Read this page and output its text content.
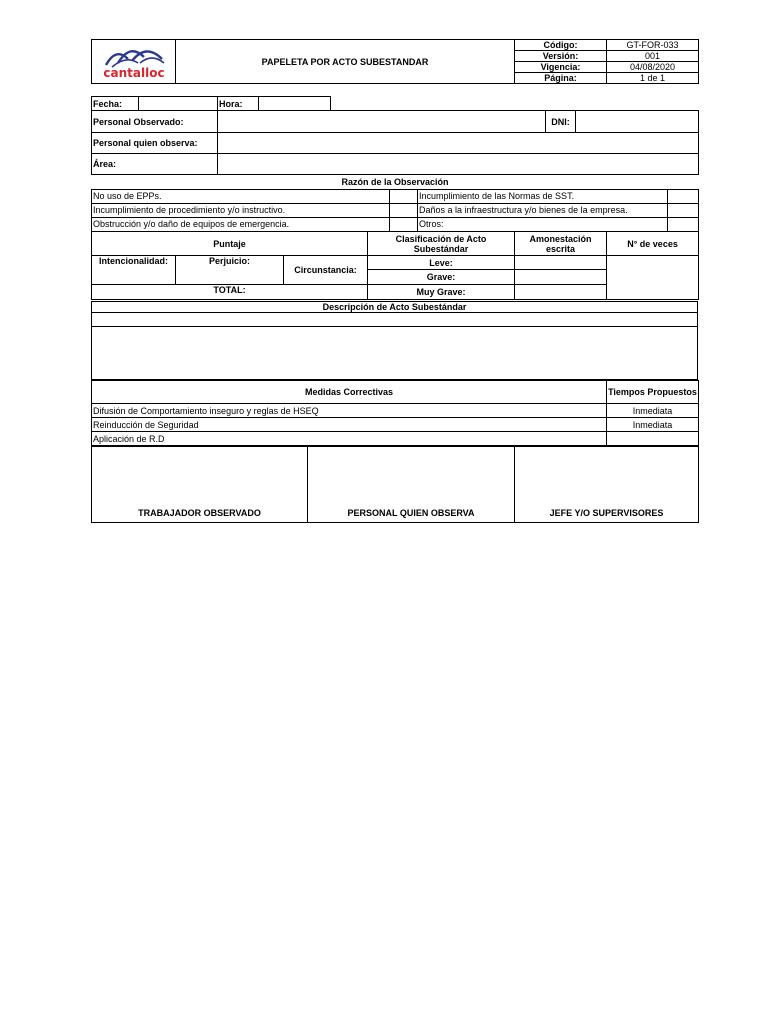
cantalloc	PAPELETA POR ACTO SUBESTANDAR	Código:	GT-FOR-033
		Versión:	001
		Vigencia:	04/08/2020
		Página:	1 de 1
Fecha:		Hora:	
Personal Observado:		DNI:	
Personal quien observa:			
Área:			
Razón de la Observación			
No uso de EPPs.		Incumplimiento de las Normas de SST.	
Incumplimiento de procedimiento y/o instructivo.		Daños a la infraestructura y/o bienes de la empresa.	
Obstrucción y/o daño de equipos de emergencia.		Otros:	
Puntaje			Clasificación de Acto Subestándar	Amonestación escrita	N° de veces
Intencionalidad:	Perjuicio:	Circunstancia:	Leve:		
			Grave:		
TOTAL:			Muy Grave:		
Descripción de Acto Subestándar

Medidas Correctivas	Tiempos Propuestos
Difusión de Comportamiento inseguro y reglas de HSEQ	Inmediata
Reinducción de Seguridad	Inmediata
Aplicación de R.D	
TRABAJADOR OBSERVADO	PERSONAL QUIEN OBSERVA	JEFE Y/O SUPERVISORES
